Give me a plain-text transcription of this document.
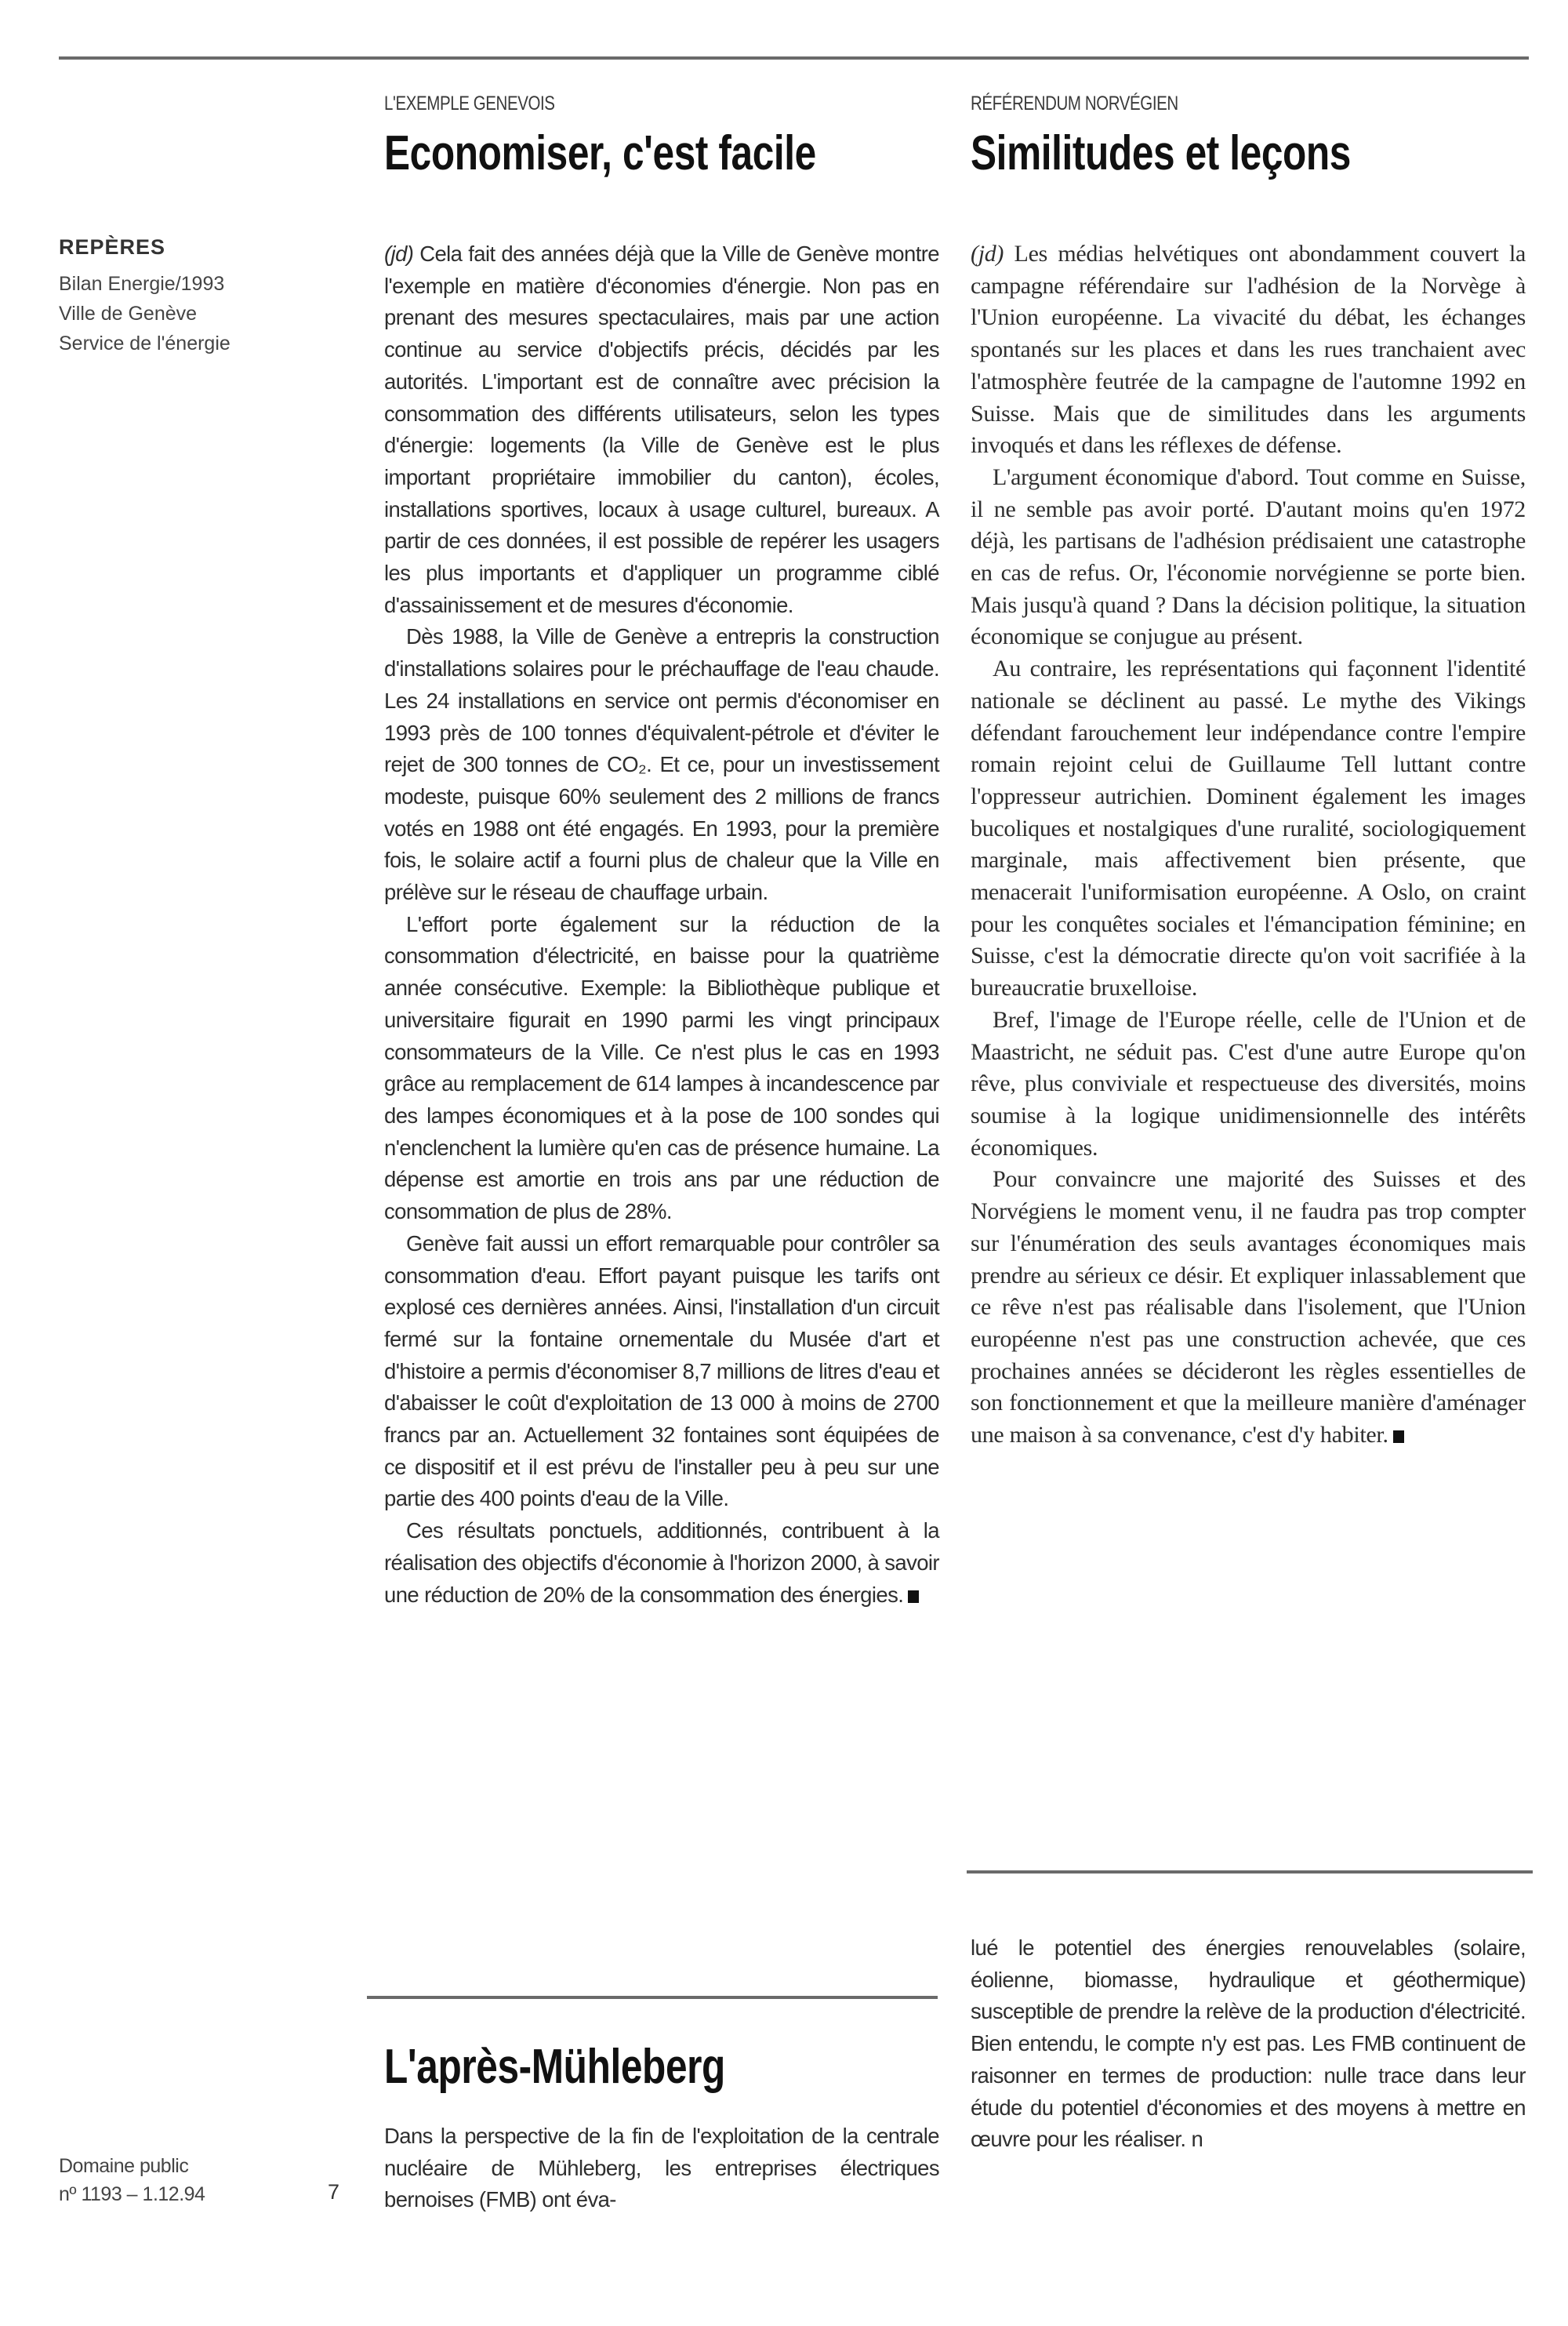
L'EXEMPLE GENEVOIS
Economiser, c'est facile
RÉFÉRENDUM NORVÉGIEN
Similitudes et leçons
REPÈRES
Bilan Energie/1993
Ville de Genève
Service de l'énergie

(jd) Cela fait des années déjà que la Ville de Genève montre l'exemple en matière d'économies d'énergie. Non pas en prenant des mesures spectaculaires, mais par une action continue au service d'objectifs précis, décidés par les autorités. L'important est de connaître avec précision la consommation des différents utilisateurs, selon les types d'énergie: logements (la Ville de Genève est le plus important propriétaire immobilier du canton), écoles, installations sportives, locaux à usage culturel, bureaux. A partir de ces données, il est possible de repérer les usagers les plus importants et d'appliquer un programme ciblé d'assainissement et de mesures d'économie.

Dès 1988, la Ville de Genève a entrepris la construction d'installations solaires pour le préchauffage de l'eau chaude. Les 24 installations en service ont permis d'économiser en 1993 près de 100 tonnes d'équivalent-pétrole et d'éviter le rejet de 300 tonnes de CO₂. Et ce, pour un investissement modeste, puisque 60% seulement des 2 millions de francs votés en 1988 ont été engagés. En 1993, pour la première fois, le solaire actif a fourni plus de chaleur que la Ville en prélève sur le réseau de chauffage urbain.

L'effort porte également sur la réduction de la consommation d'électricité, en baisse pour la quatrième année consécutive. Exemple: la Bibliothèque publique et universitaire figurait en 1990 parmi les vingt principaux consommateurs de la Ville. Ce n'est plus le cas en 1993 grâce au remplacement de 614 lampes à incandescence par des lampes économiques et à la pose de 100 sondes qui n'enclenchent la lumière qu'en cas de présence humaine. La dépense est amortie en trois ans par une réduction de consommation de plus de 28%.

Genève fait aussi un effort remarquable pour contrôler sa consommation d'eau. Effort payant puisque les tarifs ont explosé ces dernières années. Ainsi, l'installation d'un circuit fermé sur la fontaine ornementale du Musée d'art et d'histoire a permis d'économiser 8,7 millions de litres d'eau et d'abaisser le coût d'exploitation de 13 000 à moins de 2700 francs par an. Actuellement 32 fontaines sont équipées de ce dispositif et il est prévu de l'installer peu à peu sur une partie des 400 points d'eau de la Ville.

Ces résultats ponctuels, additionnés, contribuent à la réalisation des objectifs d'économie à l'horizon 2000, à savoir une réduction de 20% de la consommation des énergies.

(jd) Les médias helvétiques ont abondamment couvert la campagne référendaire sur l'adhésion de la Norvège à l'Union européenne. La vivacité du débat, les échanges spontanés sur les places et dans les rues tranchaient avec l'atmosphère feutrée de la campagne de l'automne 1992 en Suisse. Mais que de similitudes dans les arguments invoqués et dans les réflexes de défense.

L'argument économique d'abord. Tout comme en Suisse, il ne semble pas avoir porté. D'autant moins qu'en 1972 déjà, les partisans de l'adhésion prédisaient une catastrophe en cas de refus. Or, l'économie norvégienne se porte bien. Mais jusqu'à quand ? Dans la décision politique, la situation économique se conjugue au présent.

Au contraire, les représentations qui façonnent l'identité nationale se déclinent au passé. Le mythe des Vikings défendant farouchement leur indépendance contre l'empire romain rejoint celui de Guillaume Tell luttant contre l'oppresseur autrichien. Dominent également les images bucoliques et nostalgiques d'une ruralité, sociologiquement marginale, mais affectivement bien présente, que menacerait l'uniformisation européenne. A Oslo, on craint pour les conquêtes sociales et l'émancipation féminine; en Suisse, c'est la démocratie directe qu'on voit sacrifiée à la bureaucratie bruxelloise.

Bref, l'image de l'Europe réelle, celle de l'Union et de Maastricht, ne séduit pas. C'est d'une autre Europe qu'on rêve, plus conviviale et respectueuse des diversités, moins soumise à la logique unidimensionnelle des intérêts économiques.

Pour convaincre une majorité des Suisses et des Norvégiens le moment venu, il ne faudra pas trop compter sur l'énumération des seuls avantages économiques mais prendre au sérieux ce désir. Et expliquer inlassablement que ce rêve n'est pas réalisable dans l'isolement, que l'Union européenne n'est pas une construction achevée, que ces prochaines années se décideront les règles essentielles de son fonctionnement et que la meilleure manière d'aménager une maison à sa convenance, c'est d'y habiter.

L'après-Mühleberg

Dans la perspective de la fin de l'exploitation de la centrale nucléaire de Mühleberg, les entreprises électriques bernoises (FMB) ont éva-

lué le potentiel des énergies renouvelables (solaire, éolienne, biomasse, hydraulique et géothermique) susceptible de prendre la relève de la production d'électricité. Bien entendu, le compte n'y est pas. Les FMB continuent de raisonner en termes de production: nulle trace dans leur étude du potentiel d'économies et des moyens à mettre en œuvre pour les réaliser. n

Domaine public
nº 1193 – 1.12.94	7
